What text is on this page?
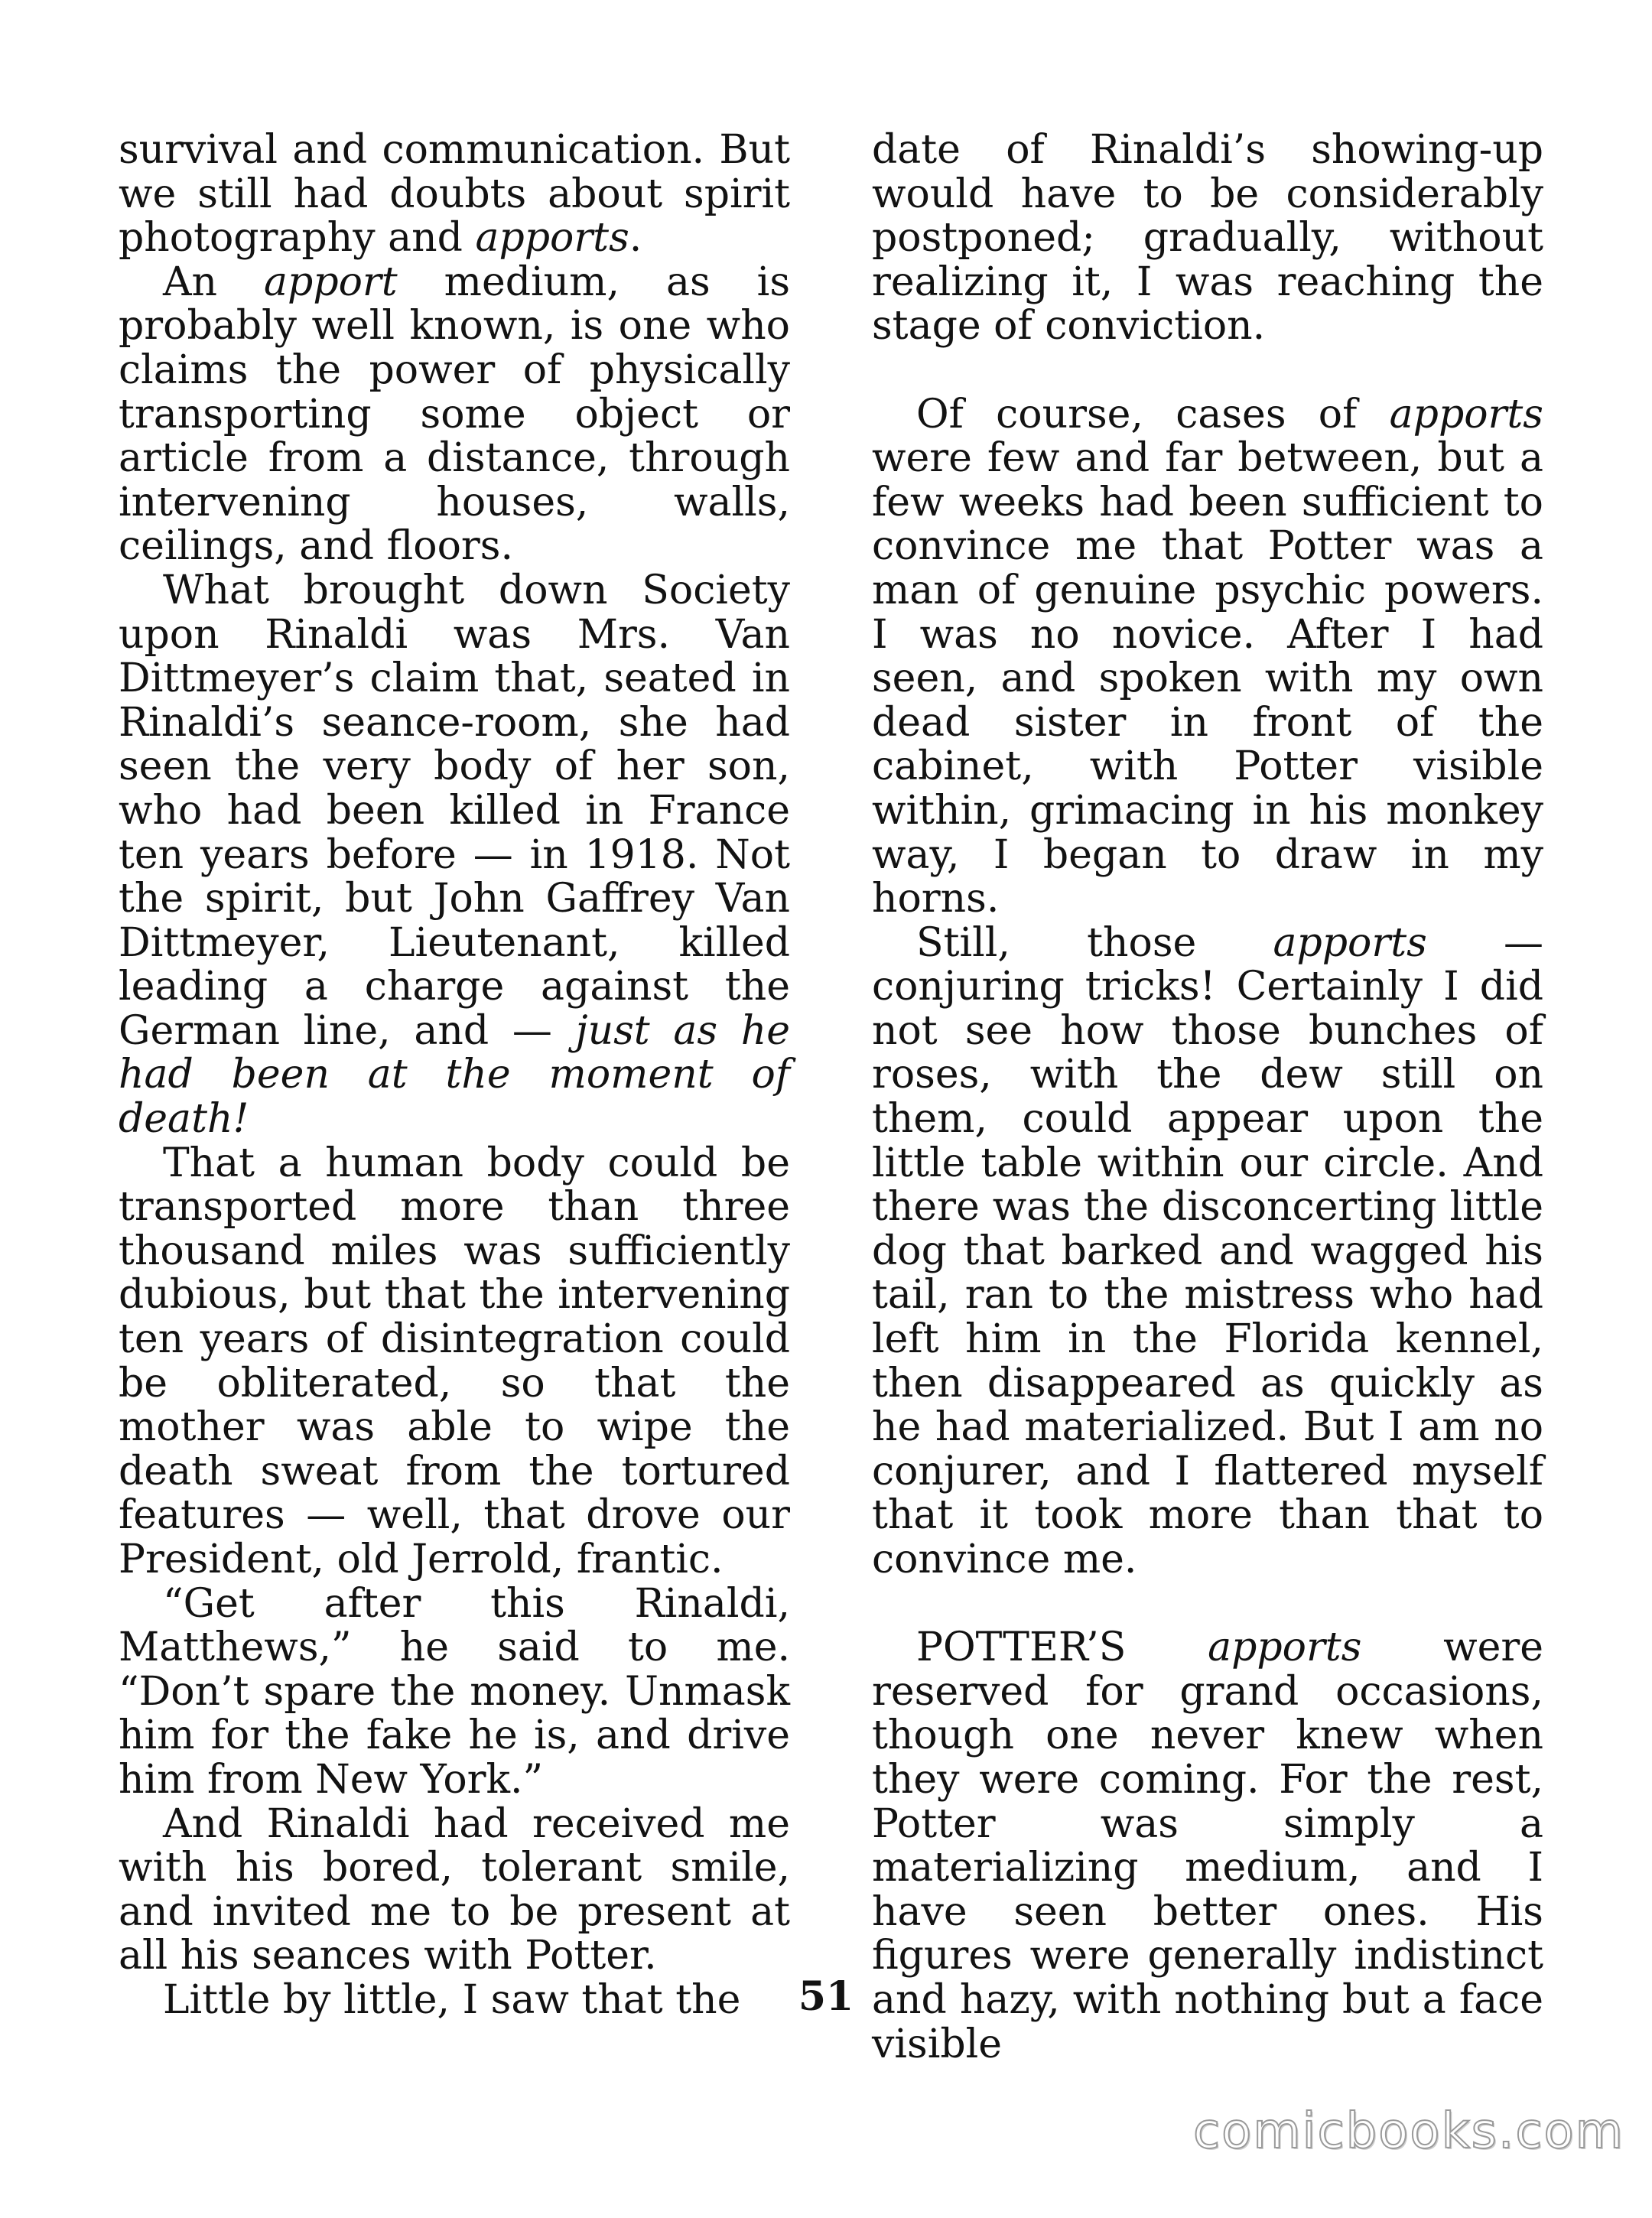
survival and communication. But we still had doubts about spirit photography and apports.

An apport medium, as is probably well known, is one who claims the power of physically transporting some object or article from a distance, through intervening houses, walls, ceilings, and floors.

What brought down Society upon Rinaldi was Mrs. Van Dittmeyer’s claim that, seated in Rinaldi’s seance-room, she had seen the very body of her son, who had been killed in France ten years before — in 1918. Not the spirit, but John Gaffrey Van Dittmeyer, Lieutenant, killed leading a charge against the German line, and — just as he had been at the moment of death!

That a human body could be transported more than three thousand miles was sufficiently dubious, but that the intervening ten years of disintegration could be obliterated, so that the mother was able to wipe the death sweat from the tortured features — well, that drove our President, old Jerrold, frantic.

“Get after this Rinaldi, Matthews,” he said to me. “Don’t spare the money. Unmask him for the fake he is, and drive him from New York.”

And Rinaldi had received me with his bored, tolerant smile, and invited me to be present at all his seances with Potter.

Little by little, I saw that the

date of Rinaldi’s showing-up would have to be considerably postponed; gradually, without realizing it, I was reaching the stage of conviction.

Of course, cases of apports were few and far between, but a few weeks had been sufficient to convince me that Potter was a man of genuine psychic powers. I was no novice. After I had seen, and spoken with my own dead sister in front of the cabinet, with Potter visible within, grimacing in his monkey way, I began to draw in my horns.

Still, those apports — conjuring tricks! Certainly I did not see how those bunches of roses, with the dew still on them, could appear upon the little table within our circle. And there was the disconcerting little dog that barked and wagged his tail, ran to the mistress who had left him in the Florida kennel, then disappeared as quickly as he had materialized. But I am no conjurer, and I flattered myself that it took more than that to convince me.

POTTER’S apports were reserved for grand occasions, though one never knew when they were coming. For the rest, Potter was simply a materializing medium, and I have seen better ones. His figures were generally indistinct and hazy, with nothing but a face visible

51
comicbooks.com
